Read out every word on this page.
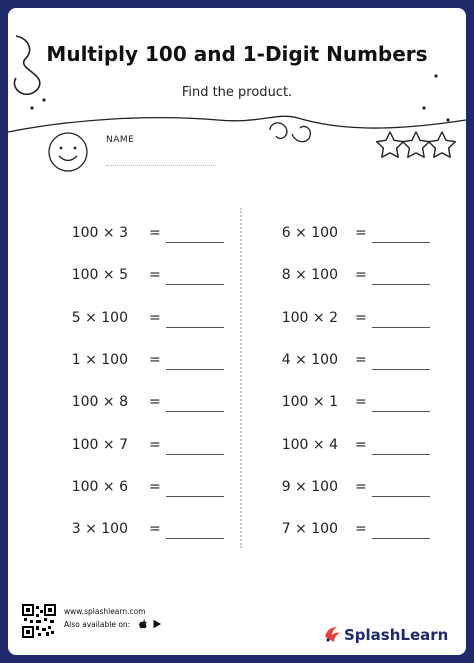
Multiply 100 and 1-Digit Numbers
Find the product.
NAME
100 × 3 =
100 × 5 =
5 × 100 =
1 × 100 =
100 × 8 =
100 × 7 =
100 × 6 =
3 × 100 =
6 × 100 =
8 × 100 =
100 × 2 =
4 × 100 =
100 × 1 =
100 × 4 =
9 × 100 =
7 × 100 =
www.splashlearn.com
Also available on:
SplashLearn
